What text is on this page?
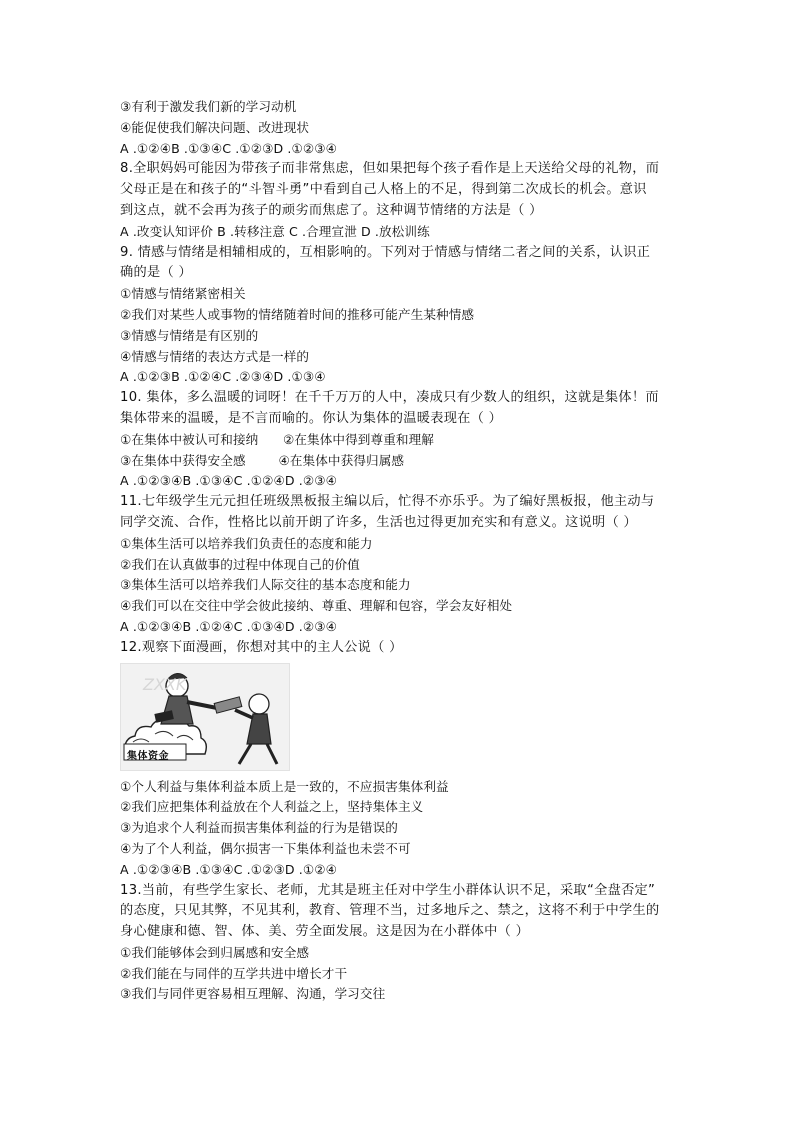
③有利于激发我们新的学习动机
④能促使我们解决问题、改进现状
A .①②④B .①③④C .①②③D .①②③④
8.全职妈妈可能因为带孩子而非常焦虑，但如果把每个孩子看作是上天送给父母的礼物，而
父母正是在和孩子的“斗智斗勇”中看到自己人格上的不足，得到第二次成长的机会。意识
到这点，就不会再为孩子的顽劣而焦虑了。这种调节情绪的方法是（ ）
A .改变认知评价 B .转移注意 C .合理宣泄 D .放松训练
9. 情感与情绪是相辅相成的，互相影响的。下列对于情感与情绪二者之间的关系，认识正
确的是（ ）
①情感与情绪紧密相关
②我们对某些人或事物的情绪随着时间的推移可能产生某种情感
③情感与情绪是有区别的
④情感与情绪的表达方式是一样的
A .①②③B .①②④C .②③④D .①③④
10. 集体，多么温暖的词呀！在千千万万的人中，凑成只有少数人的组织，这就是集体！而
集体带来的温暖，是不言而喻的。你认为集体的温暖表现在（ ）
①在集体中被认可和接纳      ②在集体中得到尊重和理解
③在集体中获得安全感        ④在集体中获得归属感
A .①②③④B .①③④C .①②④D .②③④
11.七年级学生元元担任班级黑板报主编以后，忙得不亦乐乎。为了编好黑板报，他主动与
同学交流、合作，性格比以前开朗了许多，生活也过得更加充实和有意义。这说明（ ）
①集体生活可以培养我们负责任的态度和能力
②我们在认真做事的过程中体现自己的价值
③集体生活可以培养我们人际交往的基本态度和能力
④我们可以在交往中学会彼此接纳、尊重、理解和包容，学会友好相处
A .①②③④B .①②④C .①③④D .②③④
12.观察下面漫画，你想对其中的主人公说（ ）
ZXXK
集体资金
①个人利益与集体利益本质上是一致的，不应损害集体利益
②我们应把集体利益放在个人利益之上，坚持集体主义
③为追求个人利益而损害集体利益的行为是错误的
④为了个人利益，偶尔损害一下集体利益也未尝不可
A .①②③④B .①③④C .①②③D .①②④
13.当前，有些学生家长、老师，尤其是班主任对中学生小群体认识不足，采取“全盘否定”
的态度，只见其弊，不见其利，教育、管理不当，过多地斥之、禁之，这将不利于中学生的
身心健康和德、智、体、美、劳全面发展。这是因为在小群体中（ ）
①我们能够体会到归属感和安全感
②我们能在与同伴的互学共进中增长才干
③我们与同伴更容易相互理解、沟通，学习交往
